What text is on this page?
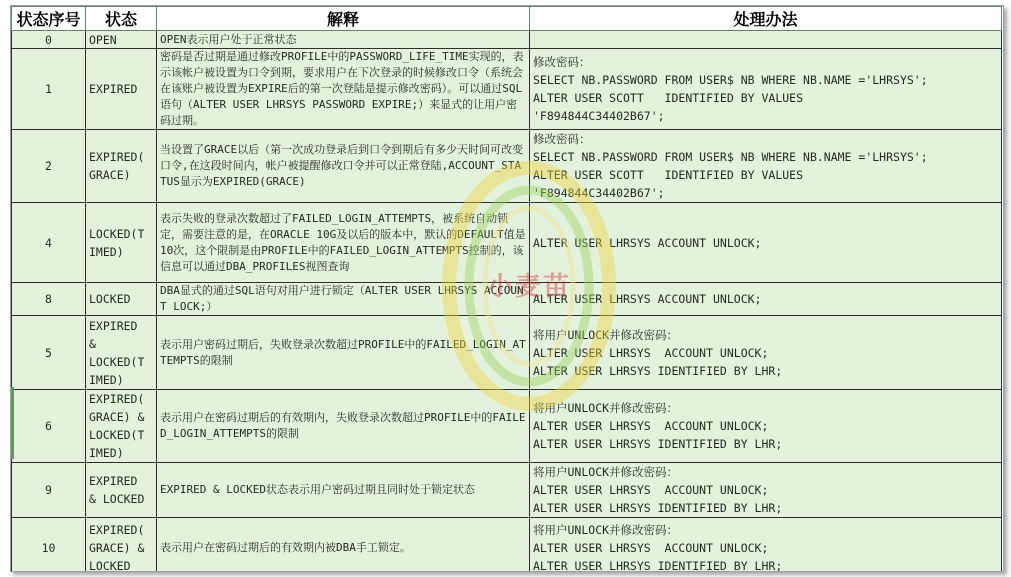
状态序号	状态	解释	处理办法
0	OPEN	OPEN表示用户处于正常状态	
1	EXPIRED	密码是否过期是通过修改PROFILE中的PASSWORD_LIFE_TIME实现的，表示该帐户被设置为口令到期，要求用户在下次登录的时候修改口令（系统会在该账户被设置为EXPIRE后的第一次登陆是提示修改密码）。可以通过SQL语句（ALTER USER LHRSYS PASSWORD EXPIRE;）来显式的让用户密码过期。	修改密码：
SELECT NB.PASSWORD FROM USER$ NB WHERE NB.NAME ='LHRSYS';
ALTER USER SCOTT   IDENTIFIED BY VALUES
'F894844C34402B67';
2	EXPIRED(
GRACE)	当设置了GRACE以后（第一次成功登录后到口令到期后有多少天时间可改变口令,在这段时间内，帐户被提醒修改口令并可以正常登陆,ACCOUNT_STATUS显示为EXPIRED(GRACE)	修改密码：
SELECT NB.PASSWORD FROM USER$ NB WHERE NB.NAME ='LHRSYS';
ALTER USER SCOTT   IDENTIFIED BY VALUES
'F894844C34402B67';
4	LOCKED(T
IMED)	表示失败的登录次数超过了FAILED_LOGIN_ATTEMPTS，被系统自动锁定，需要注意的是，在ORACLE 10G及以后的版本中，默认的DEFAULT值是10次，这个限制是由PROFILE中的FAILED_LOGIN_ATTEMPTS控制的，该信息可以通过DBA_PROFILES视图查询	ALTER USER LHRSYS ACCOUNT UNLOCK;
8	LOCKED	DBA显式的通过SQL语句对用户进行锁定（ALTER USER LHRSYS ACCOUNT LOCK;）	ALTER USER LHRSYS ACCOUNT UNLOCK;
5	EXPIRED
&
LOCKED(T
IMED)	表示用户密码过期后，失败登录次数超过PROFILE中的FAILED_LOGIN_ATTEMPTS的限制	将用户UNLOCK并修改密码：
ALTER USER LHRSYS  ACCOUNT UNLOCK;
ALTER USER LHRSYS IDENTIFIED BY LHR;
6	EXPIRED(
GRACE) &
LOCKED(T
IMED)	表示用户在密码过期后的有效期内，失败登录次数超过PROFILE中的FAILED_LOGIN_ATTEMPTS的限制	将用户UNLOCK并修改密码：
ALTER USER LHRSYS  ACCOUNT UNLOCK;
ALTER USER LHRSYS IDENTIFIED BY LHR;
9	EXPIRED
& LOCKED	EXPIRED & LOCKED状态表示用户密码过期且同时处于锁定状态	将用户UNLOCK并修改密码：
ALTER USER LHRSYS  ACCOUNT UNLOCK;
ALTER USER LHRSYS IDENTIFIED BY LHR;
10	EXPIRED(
GRACE) &
LOCKED	表示用户在密码过期后的有效期内被DBA手工锁定。	将用户UNLOCK并修改密码：
ALTER USER LHRSYS  ACCOUNT UNLOCK;
ALTER USER LHRSYS IDENTIFIED BY LHR;
小麦苗
